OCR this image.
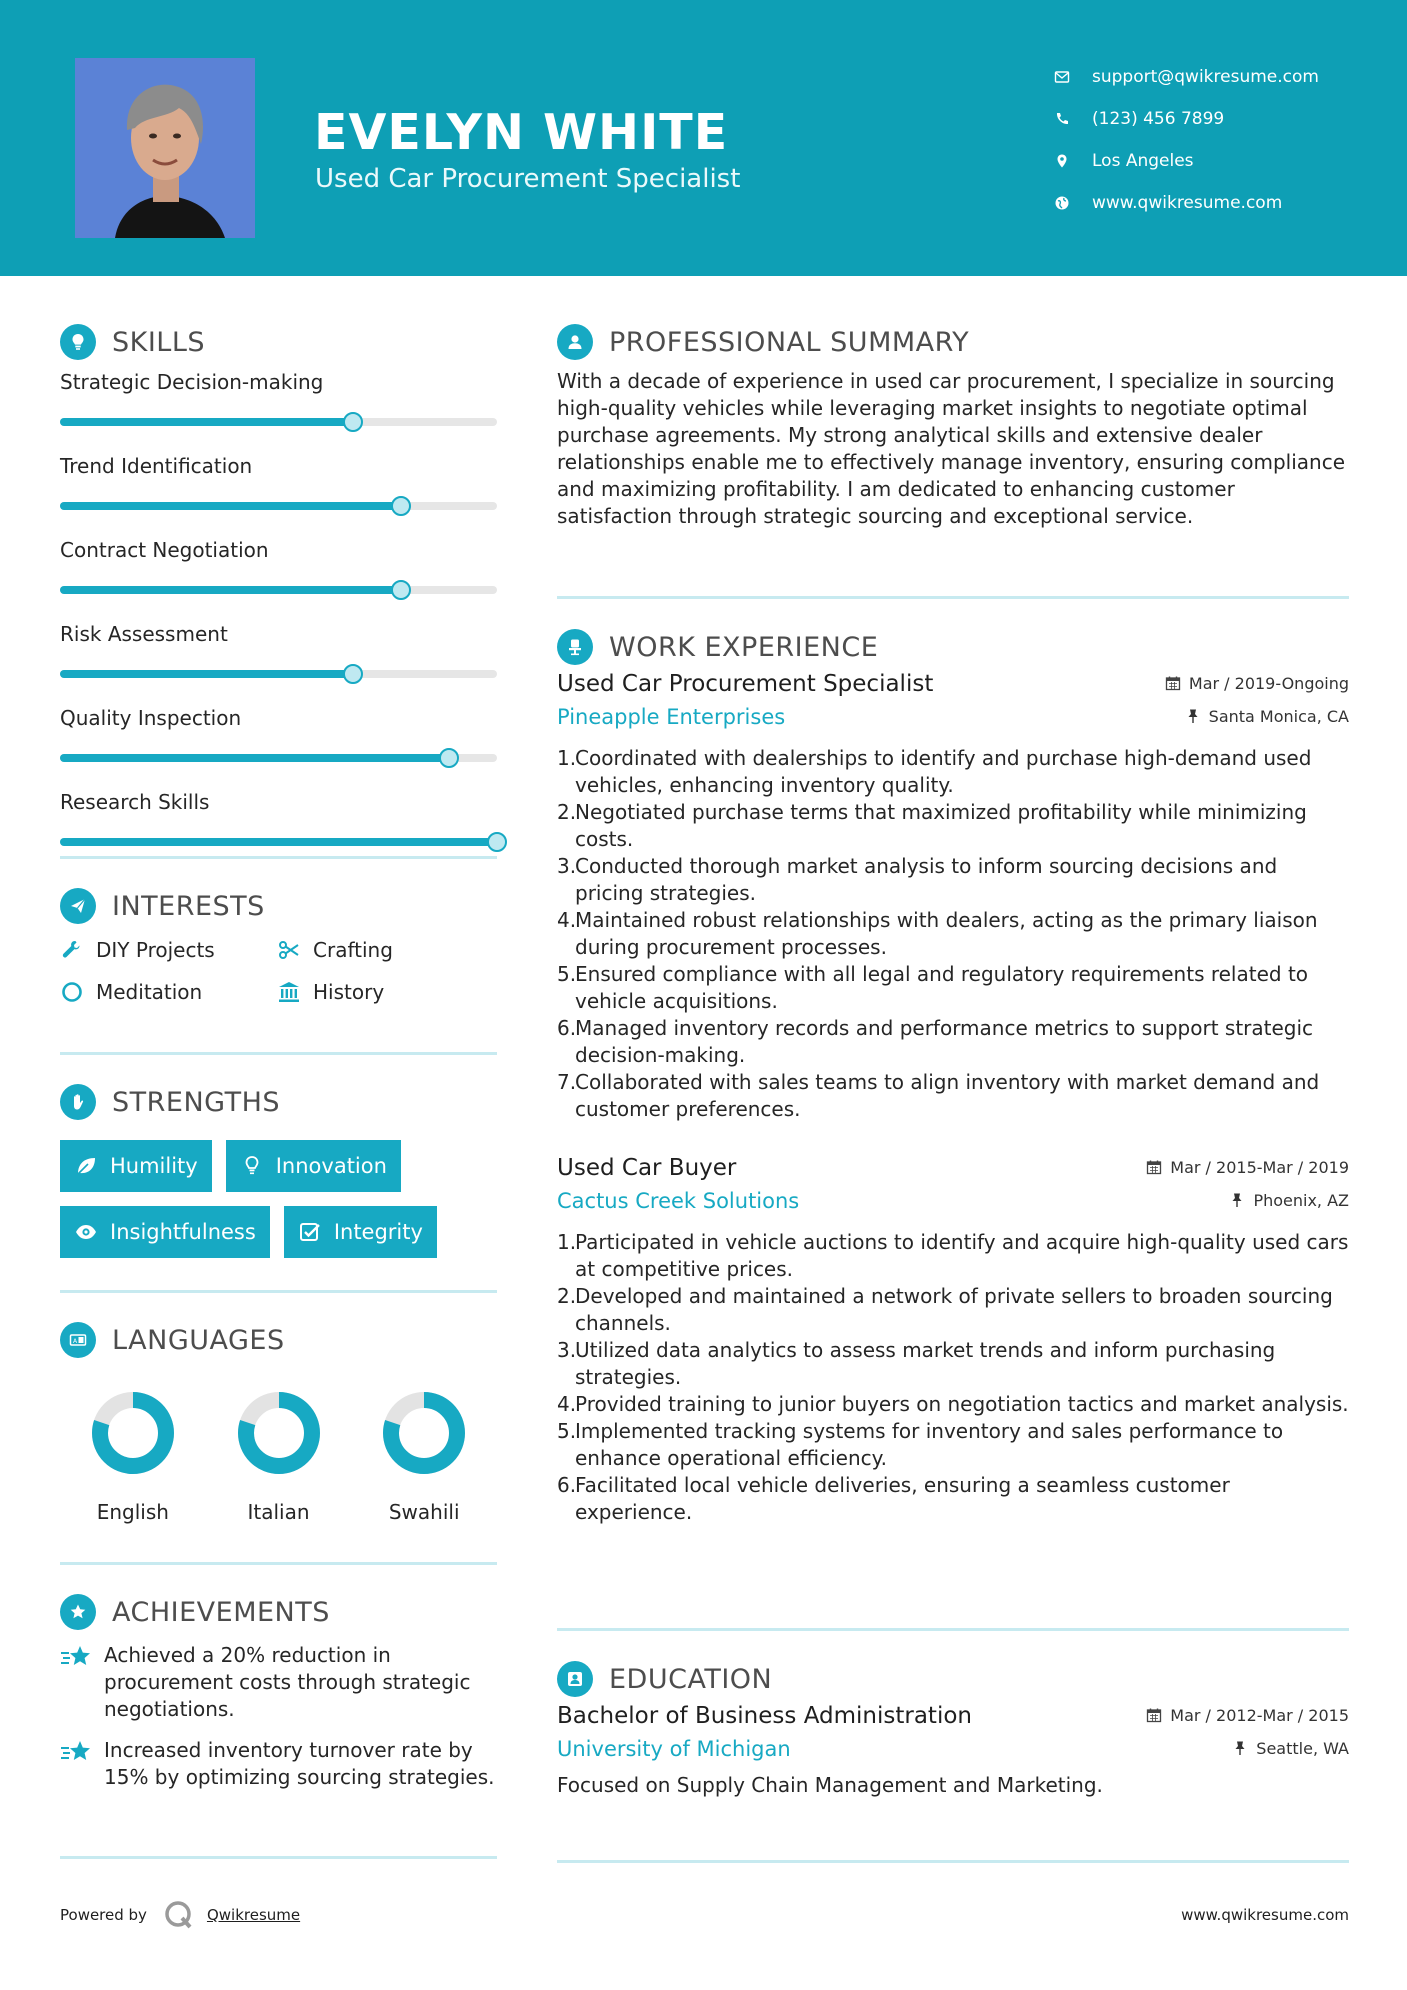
EVELYN WHITE
Used Car Procurement Specialist
support@qwikresume.com
(123) 456 7899
Los Angeles
www.qwikresume.com
SKILLS
Strategic Decision-making
Trend Identification
Contract Negotiation
Risk Assessment
Quality Inspection
Research Skills
INTERESTS
DIY Projects	Crafting
Meditation	History
STRENGTHS
Humility	Innovation
Insightfulness	Integrity
A LANGUAGES
English	Italian	Swahili
ACHIEVEMENTS
Achieved a 20% reduction in procurement costs through strategic negotiations.
Increased inventory turnover rate by 15% by optimizing sourcing strategies.
PROFESSIONAL SUMMARY
With a decade of experience in used car procurement, I specialize in sourcing high-quality vehicles while leveraging market insights to negotiate optimal purchase agreements. My strong analytical skills and extensive dealer relationships enable me to effectively manage inventory, ensuring compliance and maximizing profitability. I am dedicated to enhancing customer satisfaction through strategic sourcing and exceptional service.
WORK EXPERIENCE
Used Car Procurement Specialist	Mar / 2019-Ongoing
Pineapple Enterprises	Santa Monica, CA
1.
Coordinated with dealerships to identify and purchase high-demand used vehicles, enhancing inventory quality.
2.
Negotiated purchase terms that maximized profitability while minimizing costs.
3.
Conducted thorough market analysis to inform sourcing decisions and pricing strategies.
4.
Maintained robust relationships with dealers, acting as the primary liaison during procurement processes.
5.
Ensured compliance with all legal and regulatory requirements related to vehicle acquisitions.
6.
Managed inventory records and performance metrics to support strategic decision-making.
7.
Collaborated with sales teams to align inventory with market demand and customer preferences.
Used Car Buyer	Mar / 2015-Mar / 2019
Cactus Creek Solutions	Phoenix, AZ
1.
Participated in vehicle auctions to identify and acquire high-quality used cars at competitive prices.
2.
Developed and maintained a network of private sellers to broaden sourcing channels.
3.
Utilized data analytics to assess market trends and inform purchasing strategies.
4.
Provided training to junior buyers on negotiation tactics and market analysis.
5.
Implemented tracking systems for inventory and sales performance to enhance operational efficiency.
6.
Facilitated local vehicle deliveries, ensuring a seamless customer experience.
EDUCATION
Bachelor of Business Administration	Mar / 2012-Mar / 2015
University of Michigan	Seattle, WA
Focused on Supply Chain Management and Marketing.
Powered by	Qwikresume	www.qwikresume.com
